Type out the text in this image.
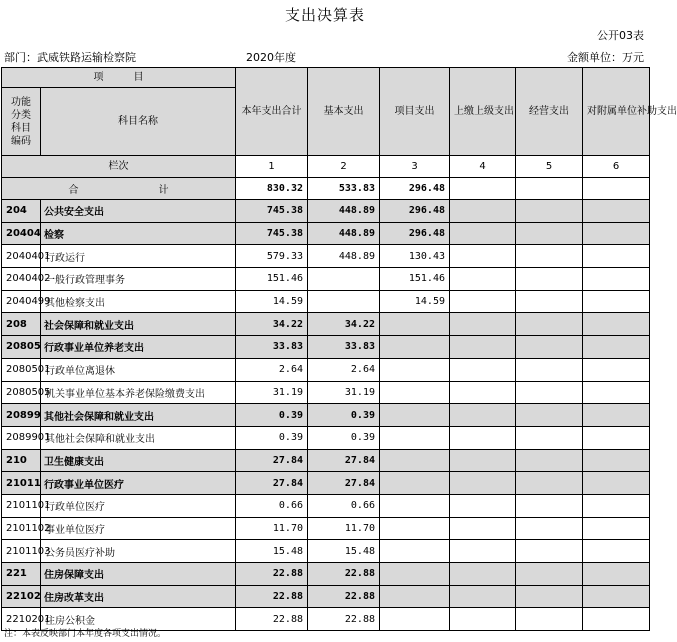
支出决算表
公开03表
部门：武威铁路运输检察院	2020年度	金额单位：万元
项　　　目		本年支出合计	基本支出	项目支出	上缴上级支出	经营支出	对附属单位补助支出
功能分类科目编码	科目名称						
栏次		1	2	3	4	5	6
合 计		830.32	533.83	296.48			
204	公共安全支出	745.38	448.89	296.48			
20404	检察	745.38	448.89	296.48			
2040401	行政运行	579.33	448.89	130.43			
2040402	一般行政管理事务	151.46		151.46			
2040499	其他检察支出	14.59		14.59			
208	社会保障和就业支出	34.22	34.22				
20805	行政事业单位养老支出	33.83	33.83				
2080501	行政单位离退休	2.64	2.64				
2080505	机关事业单位基本养老保险缴费支出	31.19	31.19				
20899	其他社会保障和就业支出	0.39	0.39				
2089901	其他社会保障和就业支出	0.39	0.39				
210	卫生健康支出	27.84	27.84				
21011	行政事业单位医疗	27.84	27.84				
2101101	行政单位医疗	0.66	0.66				
2101102	事业单位医疗	11.70	11.70				
2101103	公务员医疗补助	15.48	15.48				
221	住房保障支出	22.88	22.88				
22102	住房改革支出	22.88	22.88				
2210201	住房公积金	22.88	22.88				
注：本表反映部门本年度各项支出情况。
